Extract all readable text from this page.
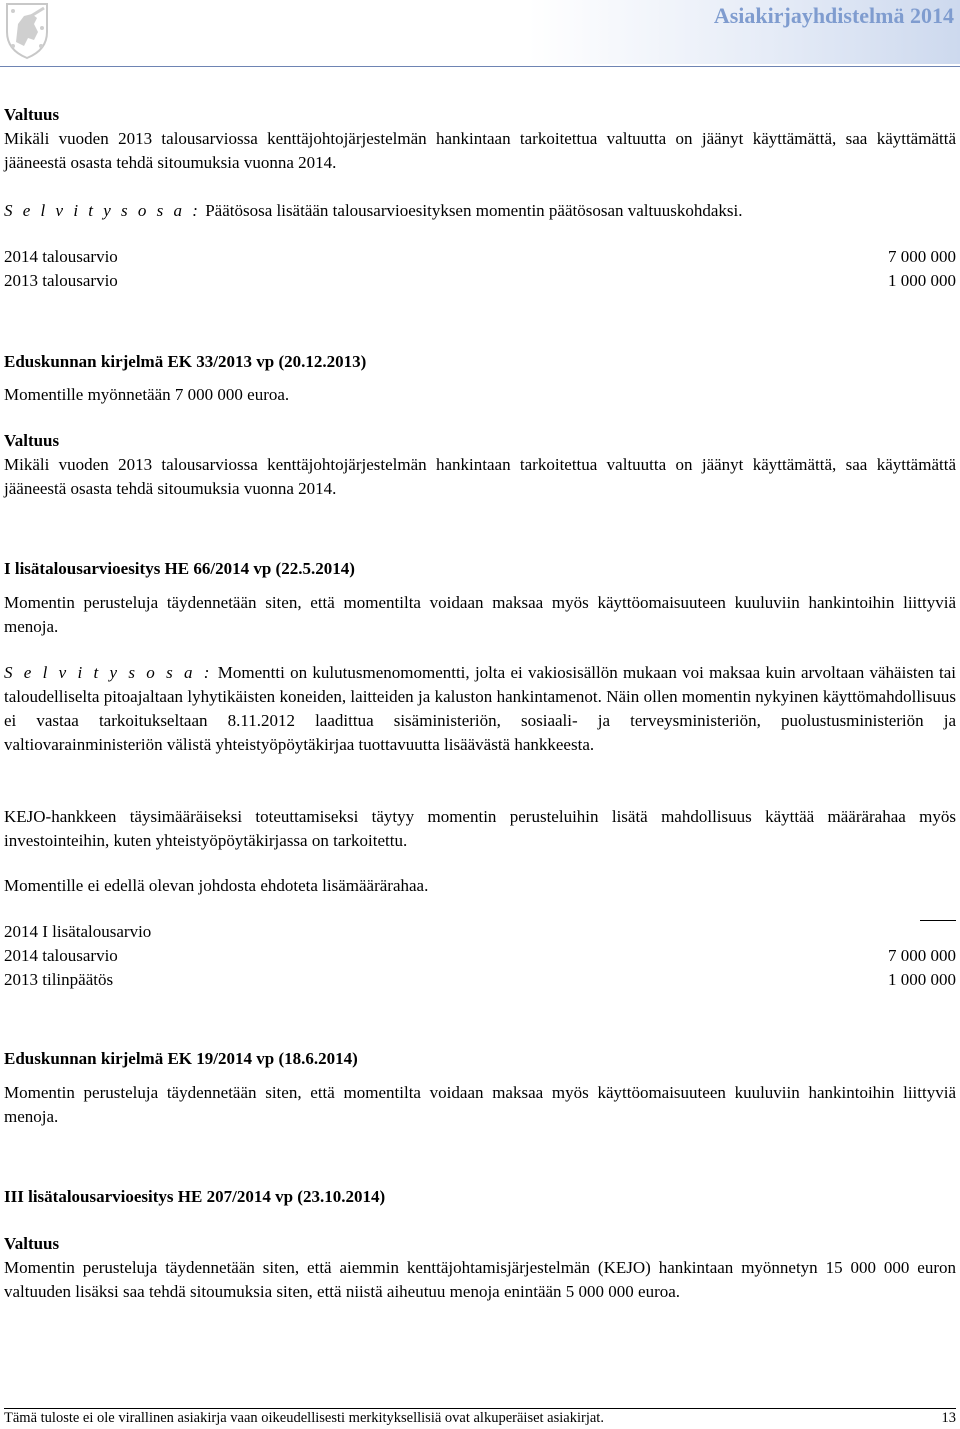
Asiakirjayhdistelmä 2014
Valtuus
Mikäli vuoden 2013 talousarviossa kenttäjohtojärjestelmän hankintaan tarkoitettua valtuutta on jäänyt käyttämättä, saa käyttämättä jääneestä osasta tehdä sitoumuksia vuonna 2014.
S e l v i t y s o s a : Päätösosa lisätään talousarvioesityksen momentin päätösosan valtuuskohdaksi.
2014 talousarvio	7 000 000
2013 talousarvio	1 000 000
Eduskunnan kirjelmä EK 33/2013 vp (20.12.2013)
Momentille myönnetään 7 000 000 euroa.
Valtuus
Mikäli vuoden 2013 talousarviossa kenttäjohtojärjestelmän hankintaan tarkoitettua valtuutta on jäänyt käyttämättä, saa käyttämättä jääneestä osasta tehdä sitoumuksia vuonna 2014.
I lisätalousarvioesitys HE 66/2014 vp (22.5.2014)
Momentin perusteluja täydennetään siten, että momentilta voidaan maksaa myös käyttöomaisuuteen kuuluviin hankintoihin liittyviä menoja.
S e l v i t y s o s a : Momentti on kulutusmenomomentti, jolta ei vakiosisällön mukaan voi maksaa kuin arvoltaan vähäisten tai taloudelliselta pitoajaltaan lyhytikäisten koneiden, laitteiden ja kaluston hankintamenot. Näin ollen momentin nykyinen käyttömahdollisuus ei vastaa tarkoitukseltaan 8.11.2012 laadittua sisäministeriön, sosiaali- ja terveysministeriön, puolustusministeriön ja valtiovarainministeriön välistä yhteistyöpöytäkirjaa tuottavuutta lisäävästä hankkeesta.
KEJO-hankkeen täysimääräiseksi toteuttamiseksi täytyy momentin perusteluihin lisätä mahdollisuus käyttää määrärahaa myös investointeihin, kuten yhteistyöpöytäkirjassa on tarkoitettu.
Momentille ei edellä olevan johdosta ehdoteta lisämäärärahaa.
2014 I lisätalousarvio
2014 talousarvio	7 000 000
2013 tilinpäätös	1 000 000
Eduskunnan kirjelmä EK 19/2014 vp (18.6.2014)
Momentin perusteluja täydennetään siten, että momentilta voidaan maksaa myös käyttöomaisuuteen kuuluviin hankintoihin liittyviä menoja.
III lisätalousarvioesitys HE 207/2014 vp (23.10.2014)
Valtuus
Momentin perusteluja täydennetään siten, että aiemmin kenttäjohtamisjärjestelmän (KEJO) hankintaan myönnetyn 15 000 000 euron valtuuden lisäksi saa tehdä sitoumuksia siten, että niistä aiheutuu menoja enintään 5 000 000 euroa.
Tämä tuloste ei ole virallinen asiakirja vaan oikeudellisesti merkityksellisiä ovat alkuperäiset asiakirjat.	13
